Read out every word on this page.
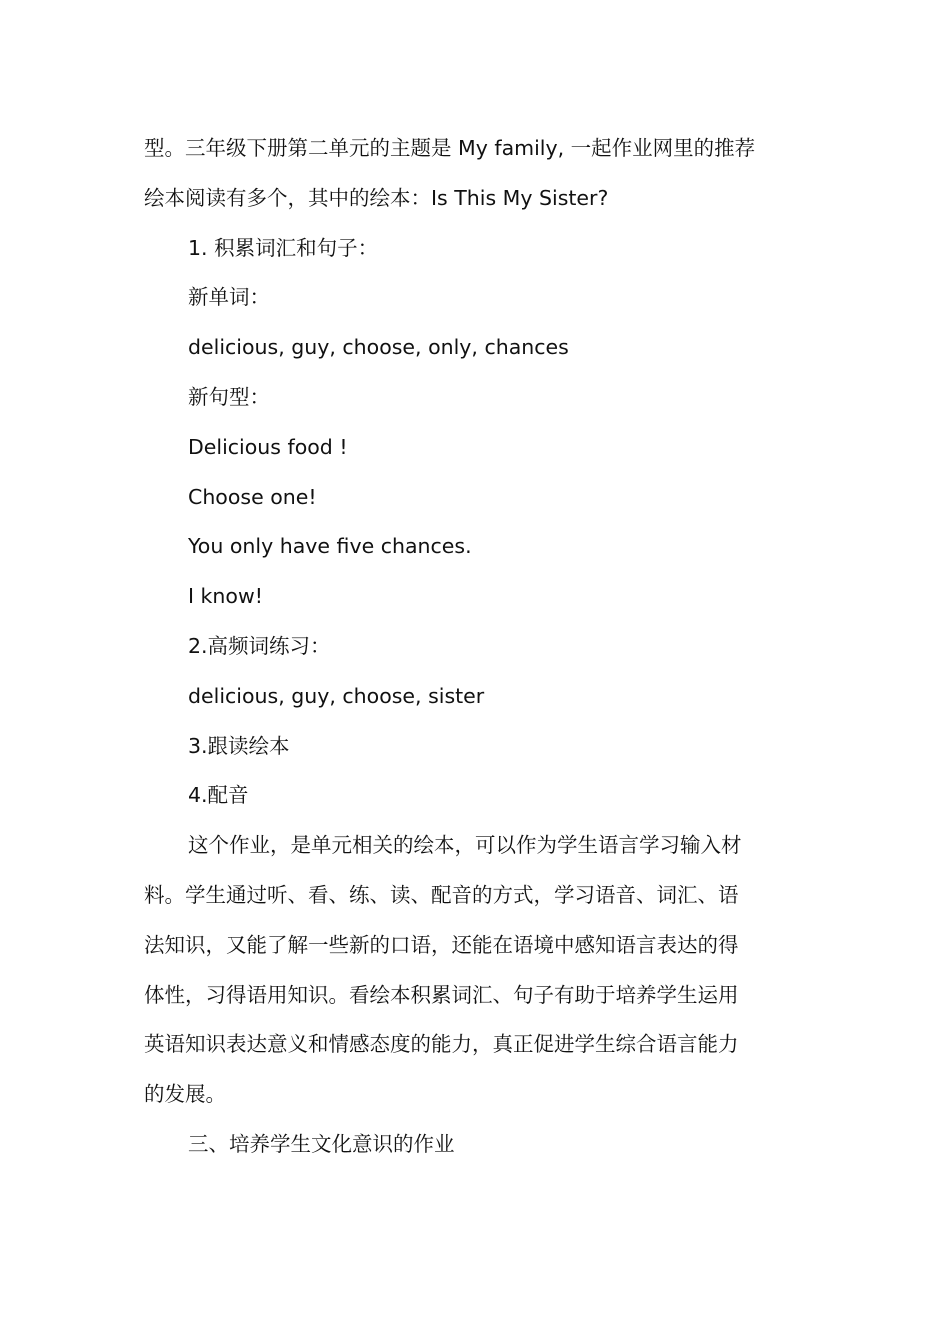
型。三年级下册第二单元的主题是 My family, 一起作业网里的推荐
绘本阅读有多个，其中的绘本：Is This My Sister?
1. 积累词汇和句子：
新单词：
delicious, guy, choose, only, chances
新句型：
Delicious food !
Choose one!
You only have five chances.
I know!
2.高频词练习：
delicious, guy, choose, sister
3.跟读绘本
4.配音
这个作业，是单元相关的绘本，可以作为学生语言学习输入材
料。学生通过听、看、练、读、配音的方式，学习语音、词汇、语
法知识，又能了解一些新的口语，还能在语境中感知语言表达的得
体性，习得语用知识。看绘本积累词汇、句子有助于培养学生运用
英语知识表达意义和情感态度的能力，真正促进学生综合语言能力
的发展。
三、培养学生文化意识的作业
